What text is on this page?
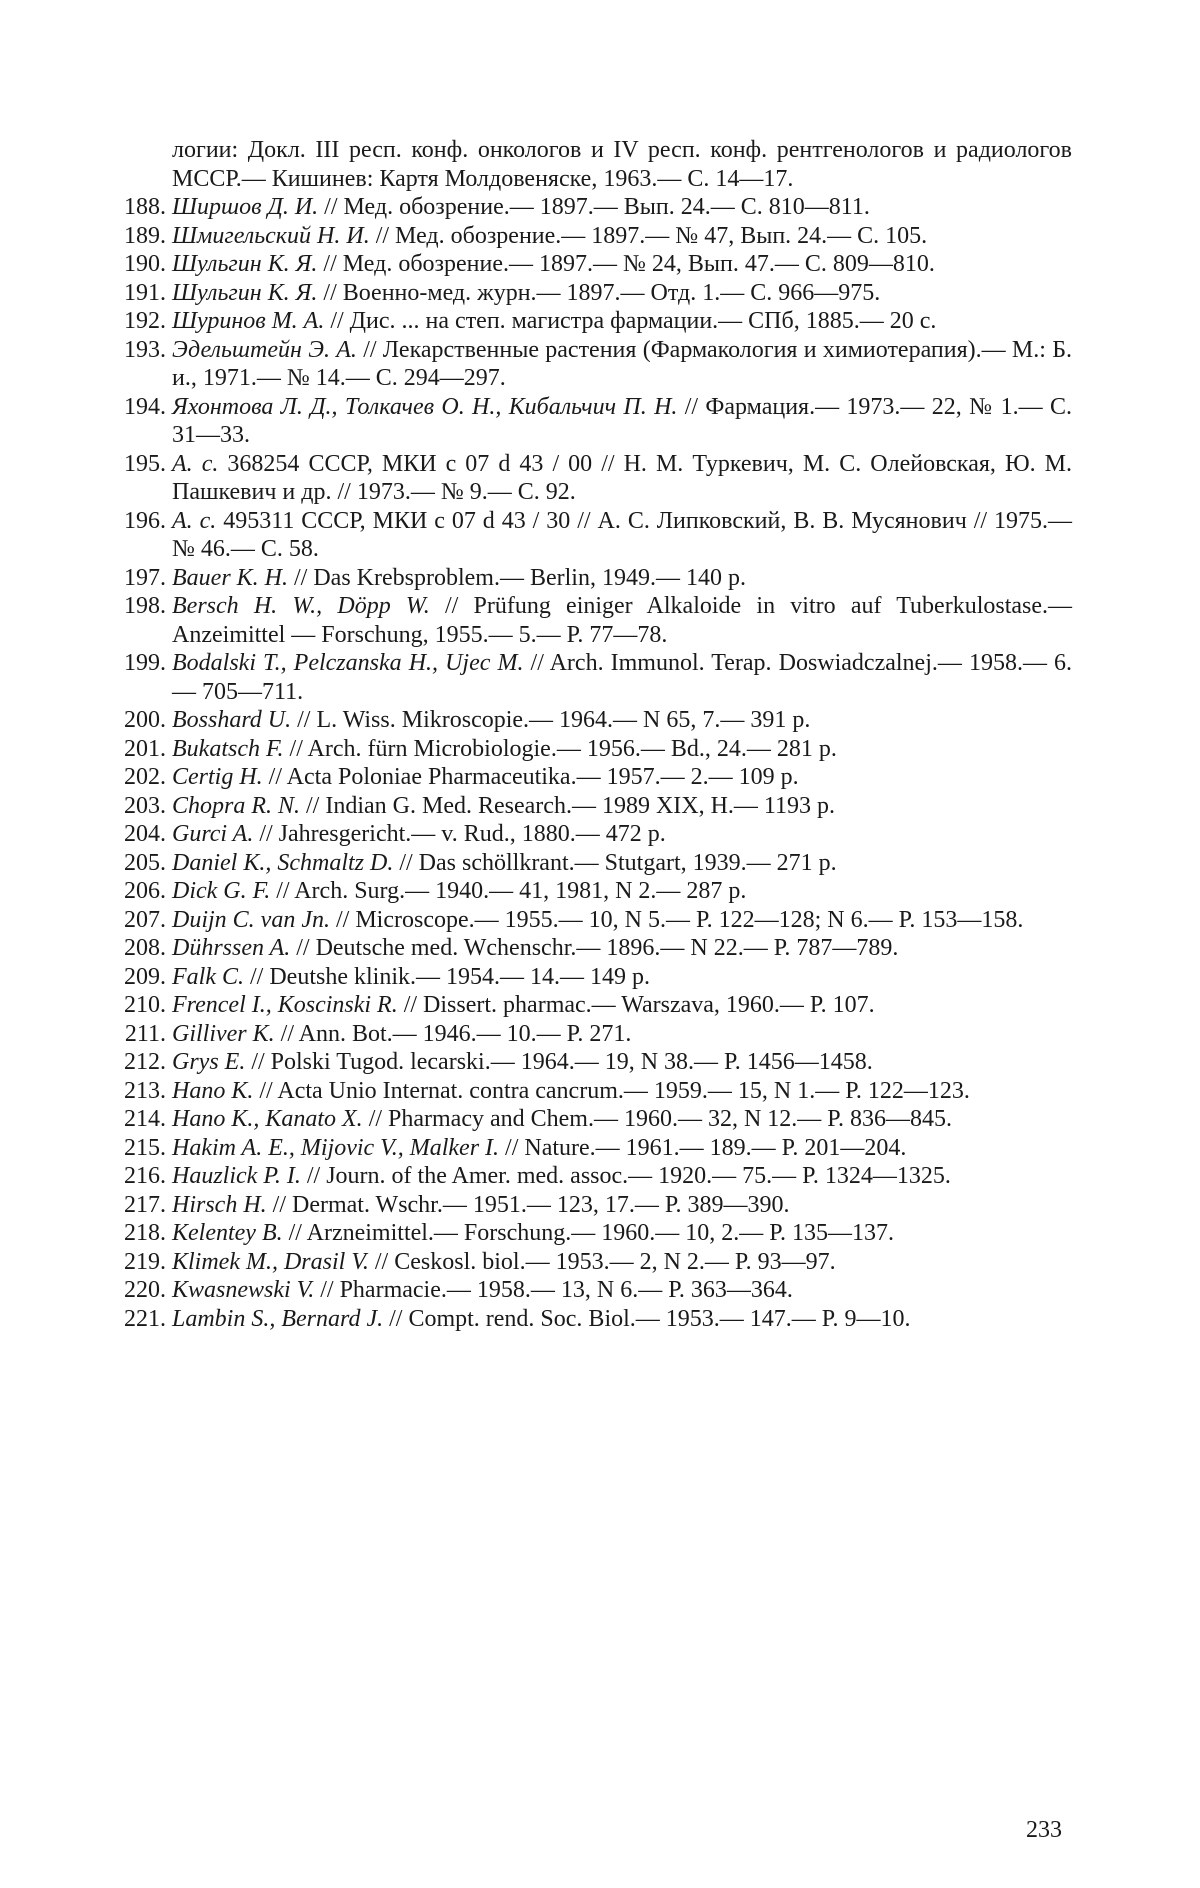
логии: Докл. III респ. конф. онкологов и IV респ. конф. рентгенологов и радиологов МССР.— Кишинев: Картя Молдовеняске, 1963.— С. 14—17.
188. Шиpшов Д. И. // Мед. обозрение.— 1897.— Вып. 24.— С. 810—811.
189. Шмигельский Н. И. // Мед. обозрение.— 1897.— № 47, Вып. 24.— С. 105.
190. Шульгин К. Я. // Мед. обозрение.— 1897.— № 24, Вып. 47.— С. 809—810.
191. Шульгин К. Я. // Военно-мед. журн.— 1897.— Отд. 1.— С. 966—975.
192. Шуринов М. А. // Дис. ... на степ. магистра фармации.— СПб, 1885.— 20 с.
193. Эдельштейн Э. А. // Лекарственные растения (Фармакология и химиотерапия).— М.: Б. и., 1971.— № 14.— С. 294—297.
194. Яхонтова Л. Д., Толкачев О. Н., Кибальчич П. Н. // Фармация.— 1973.— 22, № 1.— С. 31—33.
195. А. с. 368254 СССР, МКИ с 07 d 43 / 00 // Н. М. Туркевич, М. С. Олейовская, Ю. М. Пашкевич и др. // 1973.— № 9.— С. 92.
196. А. с. 495311 СССР, МКИ с 07 d 43 / 30 // А. С. Липковский, В. В. Мусянович // 1975.— № 46.— С. 58.
197. Bauer K. H. // Das Krebsproblem.— Berlin, 1949.— 140 p.
198. Bersch H. W., Döpp W. // Prüfung einiger Alkaloide in vitro auf Tuberkulostase.— Anzeimittel — Forschung, 1955.— 5.— P. 77—78.
199. Bodalski T., Pelczanska H., Ujec M. // Arch. Immunol. Terap. Doswiadczalnej.— 1958.— 6.— 705—711.
200. Bosshard U. // L. Wiss. Mikroscopie.— 1964.— N 65, 7.— 391 p.
201. Bukatsch F. // Arch. fürn Microbiologie.— 1956.— Bd., 24.— 281 p.
202. Certig H. // Acta Poloniae Pharmaceutika.— 1957.— 2.— 109 p.
203. Chopra R. N. // Indian G. Med. Research.— 1989 XIX, H.— 1193 p.
204. Gurci A. // Jahresgericht.— v. Rud., 1880.— 472 p.
205. Daniel K., Schmaltz D. // Das schöllkrant.— Stutgart, 1939.— 271 p.
206. Dick G. F. // Arch. Surg.— 1940.— 41, 1981, N 2.— 287 p.
207. Duijn C. van Jn. // Microscope.— 1955.— 10, N 5.— P. 122—128; N 6.— P. 153—158.
208. Dührssen A. // Deutsche med. Wchenschr.— 1896.— N 22.— P. 787—789.
209. Falk C. // Deutshe klinik.— 1954.— 14.— 149 p.
210. Frencel I., Koscinski R. // Dissert. pharmac.— Warszava, 1960.— P. 107.
211. Gilliver K. // Ann. Bot.— 1946.— 10.— P. 271.
212. Grys E. // Polski Tugod. lecarski.— 1964.— 19, N 38.— P. 1456—1458.
213. Hano K. // Acta Unio Internat. contra cancrum.— 1959.— 15, N 1.— P. 122—123.
214. Hano K., Kanato X. // Pharmacy and Chem.— 1960.— 32, N 12.— P. 836—845.
215. Hakim A. E., Mijovic V., Malker I. // Nature.— 1961.— 189.— P. 201—204.
216. Hauzlick P. I. // Journ. of the Amer. med. assoc.— 1920.— 75.— P. 1324—1325.
217. Hirsch H. // Dermat. Wschr.— 1951.— 123, 17.— P. 389—390.
218. Kelentey B. // Arzneimittel.— Forschung.— 1960.— 10, 2.— P. 135—137.
219. Klimek M., Drasil V. // Ceskosl. biol.— 1953.— 2, N 2.— P. 93—97.
220. Kwasnewski V. // Pharmacie.— 1958.— 13, N 6.— P. 363—364.
221. Lambin S., Bernard J. // Compt. rend. Soc. Biol.— 1953.— 147.— P. 9—10.
233
